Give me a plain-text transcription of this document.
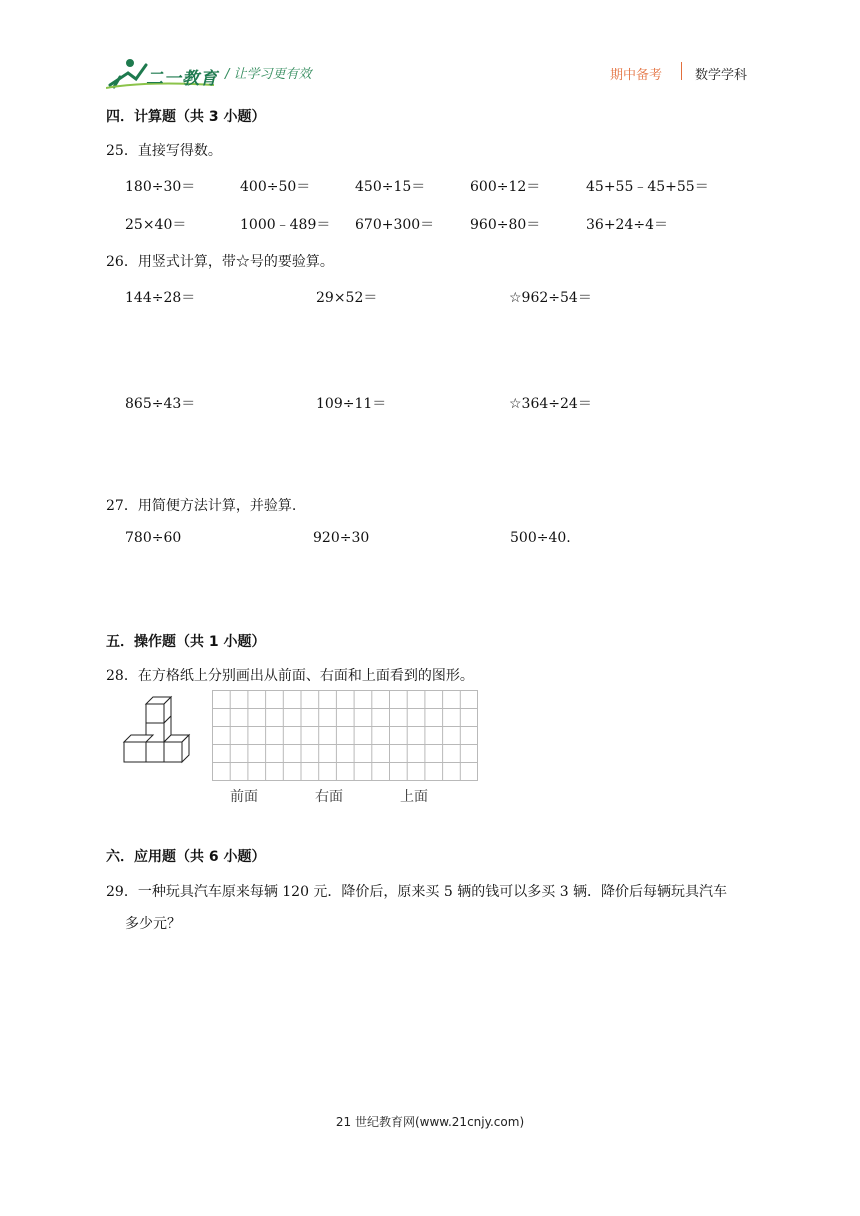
二一教育 / 让学习更有效	期中备考	数学学科
四．计算题（共 3 小题）
25．直接写得数。
180÷30＝	400÷50＝	450÷15＝	600÷12＝	45+55﹣45+55＝
25×40＝	1000﹣489＝ 670+300＝	960÷80＝	36+24÷4＝
26．用竖式计算，带☆号的要验算。
144÷28＝	29×52＝	☆962÷54＝
865÷43＝	109÷11＝	☆364÷24＝
27．用简便方法计算，并验算.
780÷60	920÷30	500÷40.
五．操作题（共 1 小题）
28．在方格纸上分别画出从前面、右面和上面看到的图形。
前面	右面	上面
六．应用题（共 6 小题）
29．一种玩具汽车原来每辆 120 元．降价后，原来买 5 辆的钱可以多买 3 辆．降价后每辆玩具汽车
多少元？
21 世纪教育网(www.21cnjy.com)
